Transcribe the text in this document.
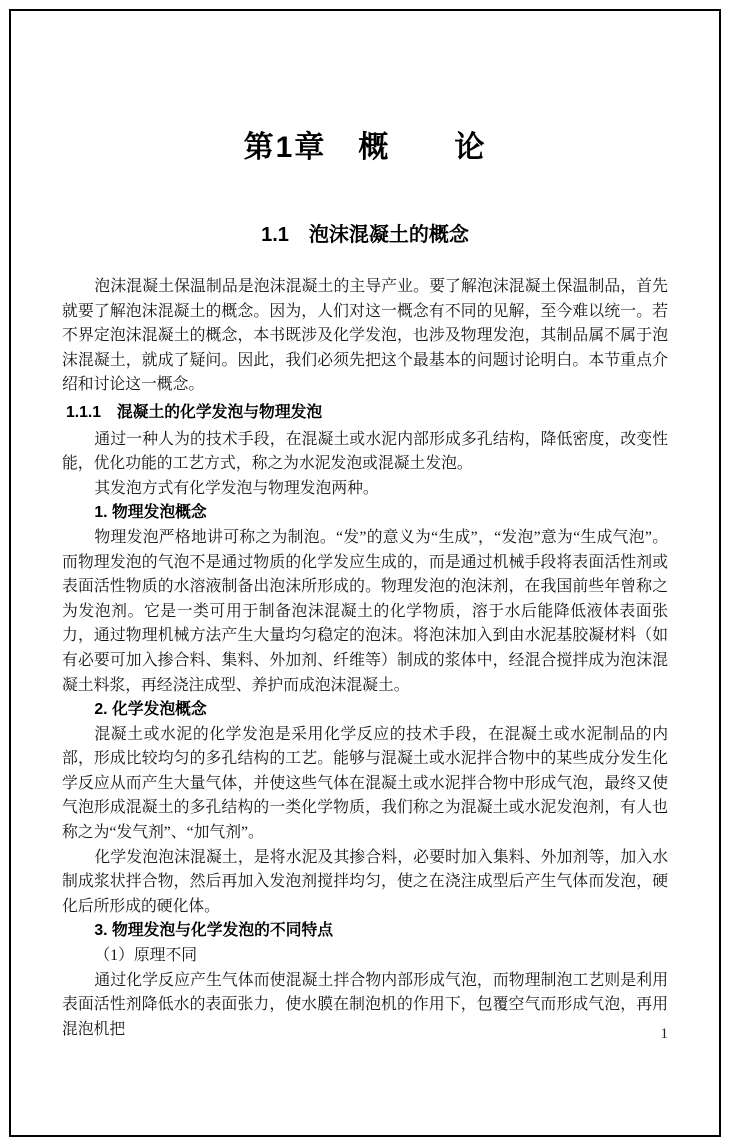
第1章　概　　论
1.1　泡沫混凝土的概念

泡沫混凝土保温制品是泡沫混凝土的主导产业。要了解泡沫混凝土保温制品，首先就要了解泡沫混凝土的概念。因为，人们对这一概念有不同的见解，至今难以统一。若不界定泡沫混凝土的概念，本书既涉及化学发泡，也涉及物理发泡，其制品属不属于泡沫混凝土，就成了疑问。因此，我们必须先把这个最基本的问题讨论明白。本节重点介绍和讨论这一概念。

1.1.1　混凝土的化学发泡与物理发泡

通过一种人为的技术手段，在混凝土或水泥内部形成多孔结构，降低密度，改变性能，优化功能的工艺方式，称之为水泥发泡或混凝土发泡。

其发泡方式有化学发泡与物理发泡两种。

1. 物理发泡概念

物理发泡严格地讲可称之为制泡。“发”的意义为“生成”，“发泡”意为“生成气泡”。而物理发泡的气泡不是通过物质的化学发应生成的，而是通过机械手段将表面活性剂或表面活性物质的水溶液制备出泡沫所形成的。物理发泡的泡沫剂，在我国前些年曾称之为发泡剂。它是一类可用于制备泡沫混凝土的化学物质，溶于水后能降低液体表面张力，通过物理机械方法产生大量均匀稳定的泡沫。将泡沫加入到由水泥基胶凝材料（如有必要可加入掺合料、集料、外加剂、纤维等）制成的浆体中，经混合搅拌成为泡沫混凝土料浆，再经浇注成型、养护而成泡沫混凝土。

2. 化学发泡概念

混凝土或水泥的化学发泡是采用化学反应的技术手段，在混凝土或水泥制品的内部，形成比较均匀的多孔结构的工艺。能够与混凝土或水泥拌合物中的某些成分发生化学反应从而产生大量气体，并使这些气体在混凝土或水泥拌合物中形成气泡，最终又使气泡形成混凝土的多孔结构的一类化学物质，我们称之为混凝土或水泥发泡剂，有人也称之为“发气剂”、“加气剂”。

化学发泡泡沫混凝土，是将水泥及其掺合料，必要时加入集料、外加剂等，加入水制成浆状拌合物，然后再加入发泡剂搅拌均匀，使之在浇注成型后产生气体而发泡，硬化后所形成的硬化体。

3. 物理发泡与化学发泡的不同特点

（1）原理不同

通过化学反应产生气体而使混凝土拌合物内部形成气泡，而物理制泡工艺则是利用表面活性剂降低水的表面张力，使水膜在制泡机的作用下，包覆空气而形成气泡，再用混泡机把	1
